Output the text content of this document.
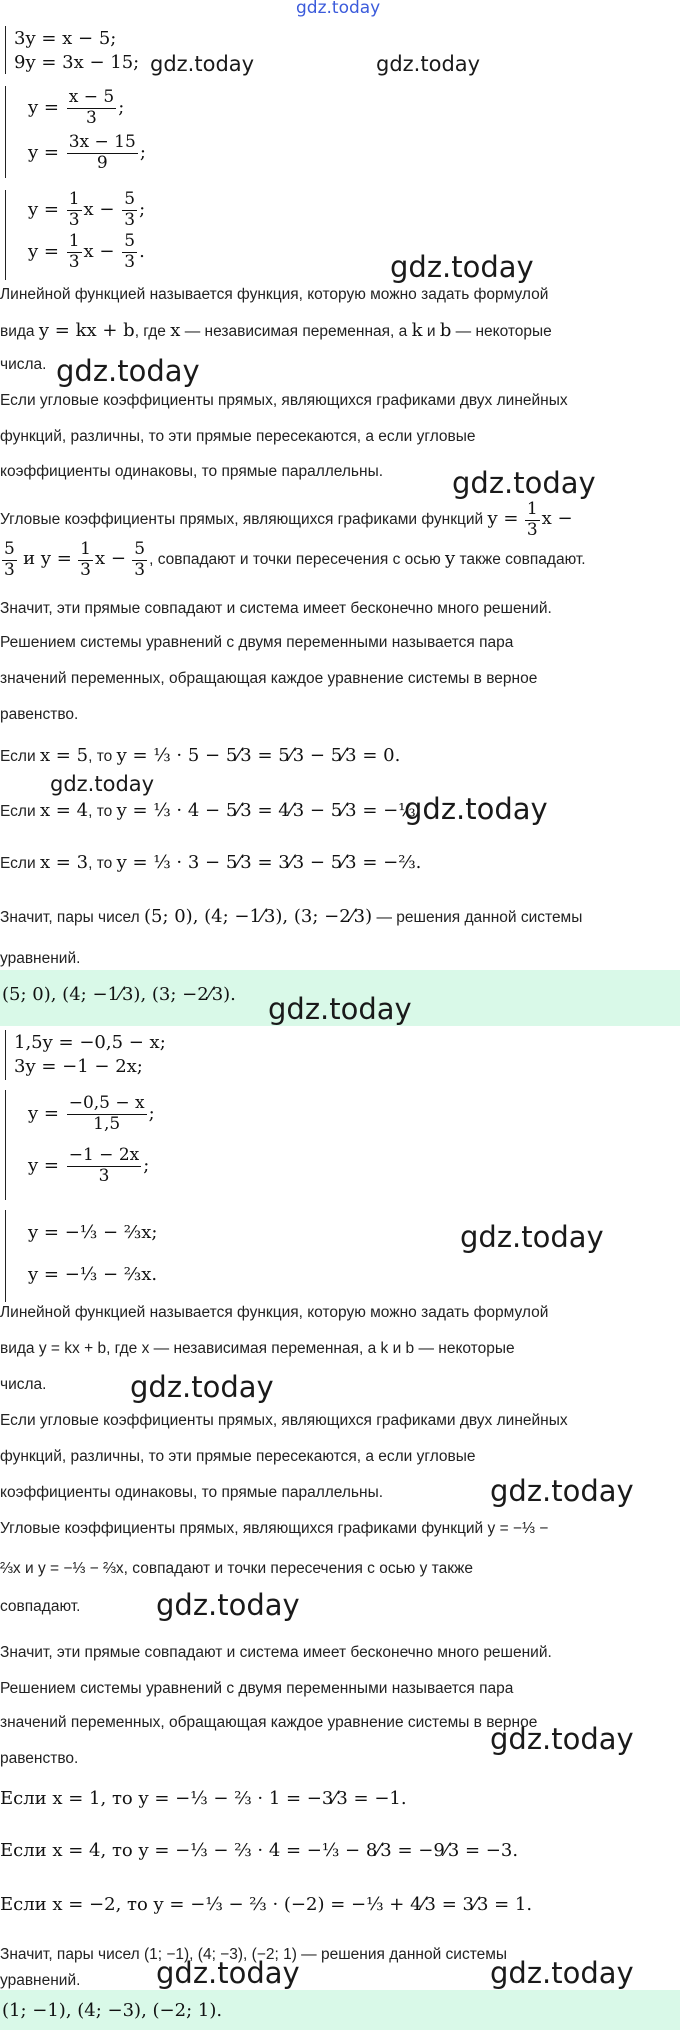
gdz.today
3y = x − 5;
9y = 3x − 15; gdz.today	gdz.today
$y = \frac{x - 5}{3}$ ;
$y = \frac{3x - 15}{9}$ ;
$y = \frac{1}{3}$ $x - \frac{5}{3}$ ;
$y = \frac{1}{3}$ $x - \frac{5}{3}$ .	gdz.today
Линейной функцией называется функция, которую можно задать формулой
вида y = kx + b, где x — независимая переменная, а k и b — некоторые
числа. gdz.today
Если угловые коэффициенты прямых, являющихся графиками двух линейных
функций, различны, то эти прямые пересекаются, а если угловые
коэффициенты одинаковы, то прямые параллельны. gdz.today
Угловые коэффициенты прямых, являющихся графиками функций $y = \frac{1}{3}$ x −
$\frac{5}{3}$ и $y = \frac{1}{3}$ $x - \frac{5}{3}$ , совпадают и точки пересечения с осью y также совпадают.
Значит, эти прямые совпадают и система имеет бесконечно много решений.
Решением системы уравнений с двумя переменными называется пара
значений переменных, обращающая каждое уравнение системы в верное
равенство.
Если x = 5, то y = ⅓ · 5 − 5⁄3 = 5⁄3 − 5⁄3 = 0.
gdz.today
Если x = 4, то y = ⅓ · 4 − 5⁄3 = 4⁄3 − 5⁄3 = −⅓.
gdz.today
Если x = 3, то y = ⅓ · 3 − 5⁄3 = 3⁄3 − 5⁄3 = −⅔.
Значит, пары чисел (5; 0), (4; −1⁄3), (3; −2⁄3) — решения данной системы
уравнений.
(5; 0), (4; −1⁄3), (3; −2⁄3). gdz.today
1,5y = −0,5 − x;
3y = −1 − 2x;
$y = \frac{-0,5 - x}{1,5}$ ;
$y = \frac{-1 - 2x}{3}$ ;
y = −⅓ − ⅔x;
y = −⅓ − ⅔x.
gdz.today
Линейной функцией называется функция, которую можно задать формулой
вида y = kx + b, где x — независимая переменная, а k и b — некоторые
числа.	gdz.today
Если угловые коэффициенты прямых, являющихся графиками двух линейных
функций, различны, то эти прямые пересекаются, а если угловые
коэффициенты одинаковы, то прямые параллельны.	gdz.today
Угловые коэффициенты прямых, являющихся графиками функций y = −⅓ −
⅔x и y = −⅓ − ⅔x, совпадают и точки пересечения с осью y также
совпадают.	gdz.today
Значит, эти прямые совпадают и система имеет бесконечно много решений.
Решением системы уравнений с двумя переменными называется пара
значений переменных, обращающая каждое уравнение системы в верное
равенство.
gdz.today
Если x = 1, то y = −⅓ − ⅔ · 1 = −3⁄3 = −1.
Если x = 4, то y = −⅓ − ⅔ · 4 = −⅓ − 8⁄3 = −9⁄3 = −3.
Если x = −2, то y = −⅓ − ⅔ · (−2) = −⅓ + 4⁄3 = 3⁄3 = 1.
Значит, пары чисел (1; −1), (4; −3), (−2; 1) — решения данной системы
уравнений.	gdz.today	gdz.today
(1; −1), (4; −3), (−2; 1).
